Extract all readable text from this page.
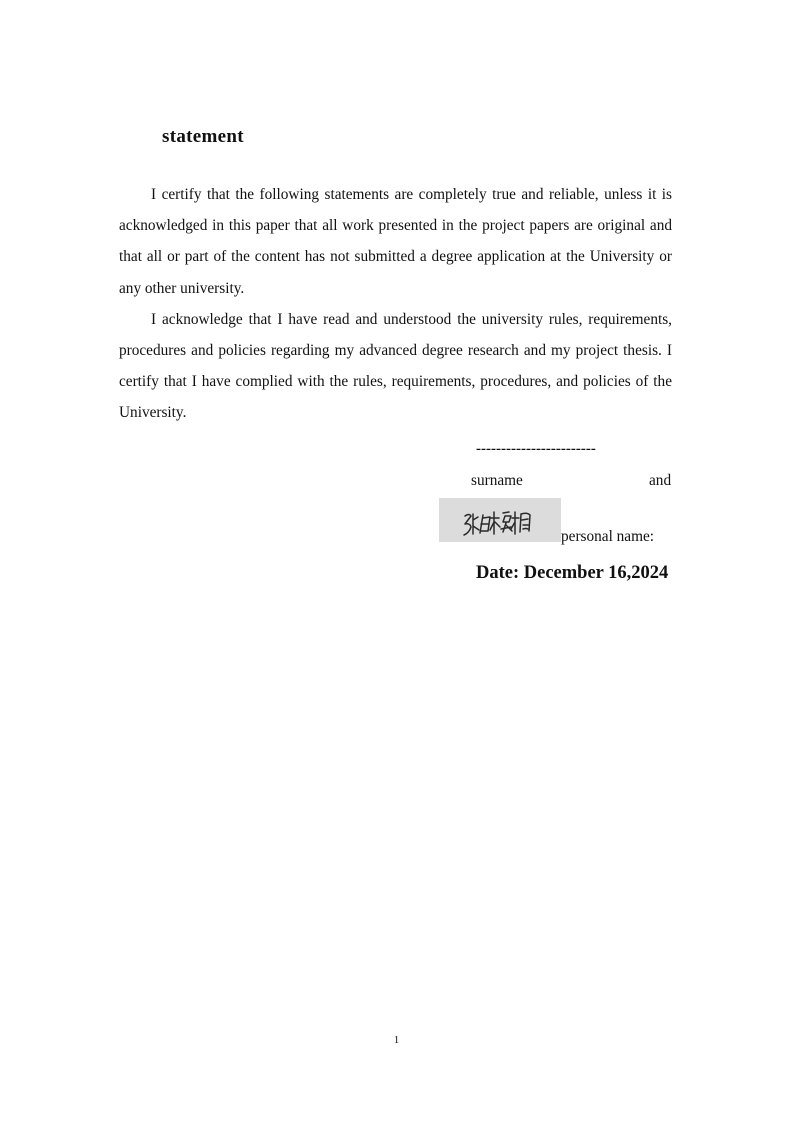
statement

I certify that the following statements are completely true and reliable, unless it is acknowledged in this paper that all work presented in the project papers are original and that all or part of the content has not submitted a degree application at the University or any other university.

I acknowledge that I have read and understood the university rules, requirements, procedures and policies regarding my advanced degree research and my project thesis. I certify that I have complied with the rules, requirements, procedures, and policies of the University.

------------------------
surname	and
personal name:
Date: December 16,2024
1
